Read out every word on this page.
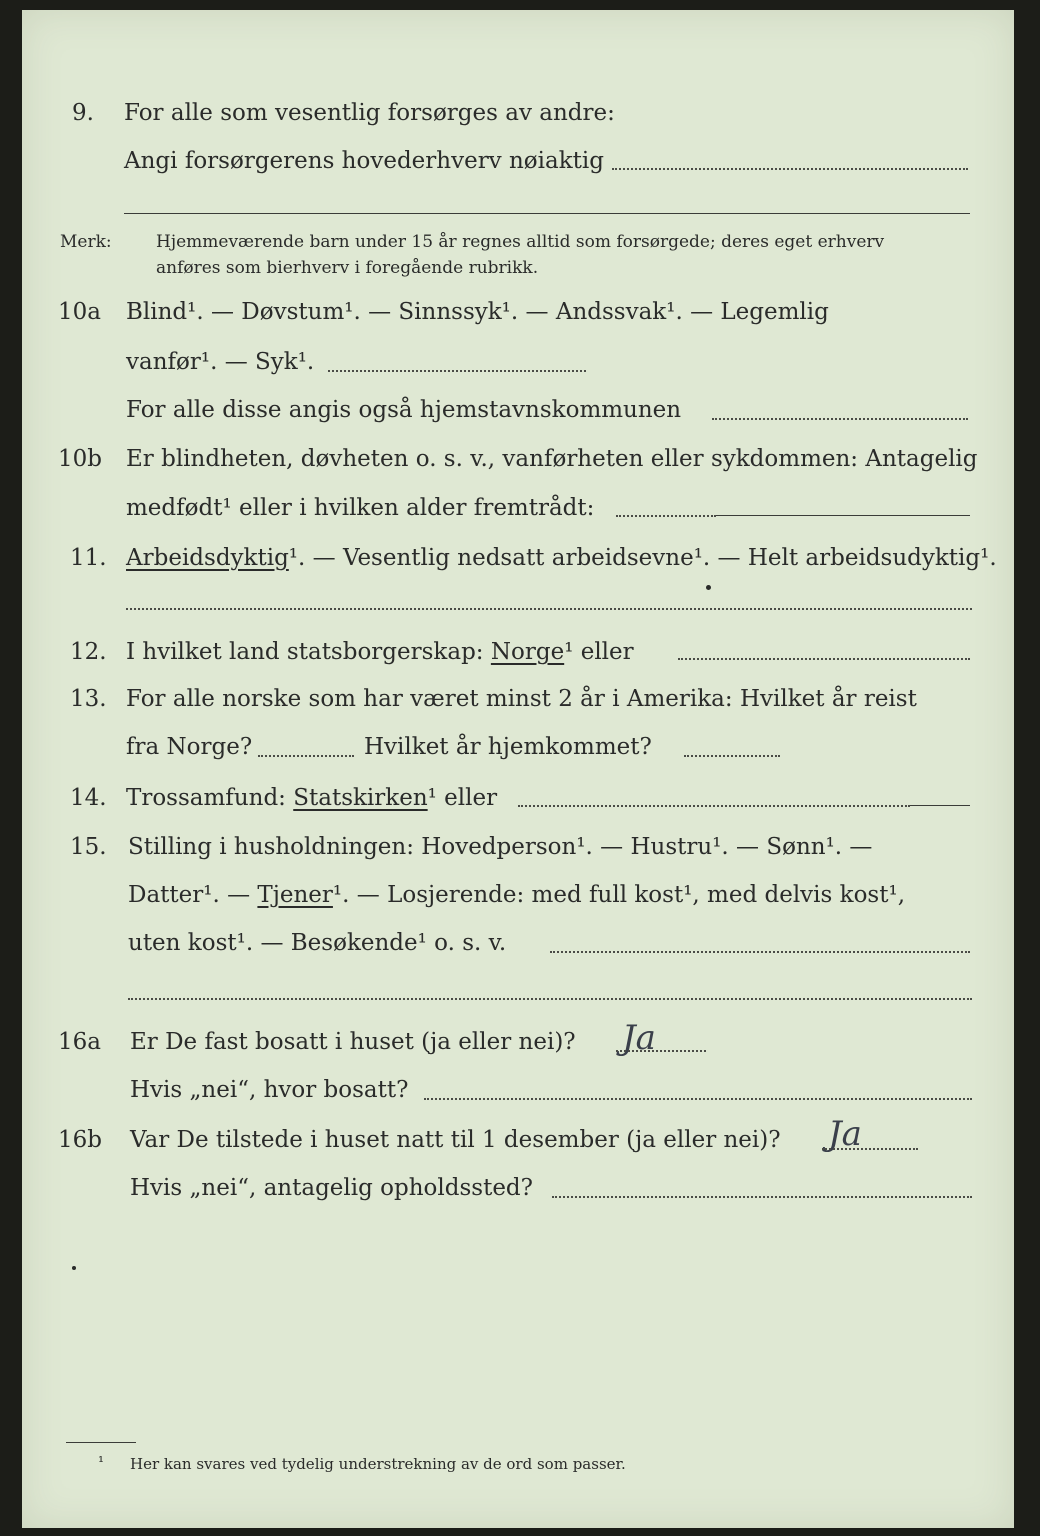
9. For alle som vesentlig forsørges av andre:
Angi forsørgerens hovederhverv nøiaktig
Merk:	Hjemmeværende barn under 15 år regnes alltid som forsørgede; deres eget erhverv
anføres som bierhverv i foregående rubrikk.
10a Blind¹. — Døvstum¹. — Sinnssyk¹. — Andssvak¹. — Legemlig
vanfør¹. — Syk¹.
For alle disse angis også hjemstavnskommunen
10b Er blindheten, døvheten o. s. v., vanførheten eller sykdommen: Antagelig
medfødt¹ eller i hvilken alder fremtrådt:
11. Arbeidsdyktig¹. — Vesentlig nedsatt arbeidsevne¹. — Helt arbeidsudyktig¹.
12. I hvilket land statsborgerskap: Norge¹ eller
13. For alle norske som har været minst 2 år i Amerika: Hvilket år reist
fra Norge?	Hvilket år hjemkommet?
14. Trossamfund: Statskirken¹ eller
15. Stilling i husholdningen: Hovedperson¹. — Hustru¹. — Sønn¹. —
Datter¹. — Tjener¹. — Losjerende: med full kost¹, med delvis kost¹,
uten kost¹. — Besøkende¹ o. s. v.
16a Er De fast bosatt i huset (ja eller nei)? Ja
Hvis „nei“, hvor bosatt?
16b Var De tilstede i huset natt til 1 desember (ja eller nei)? Ja
Hvis „nei“, antagelig opholdssted?
¹ Her kan svares ved tydelig understrekning av de ord som passer.
